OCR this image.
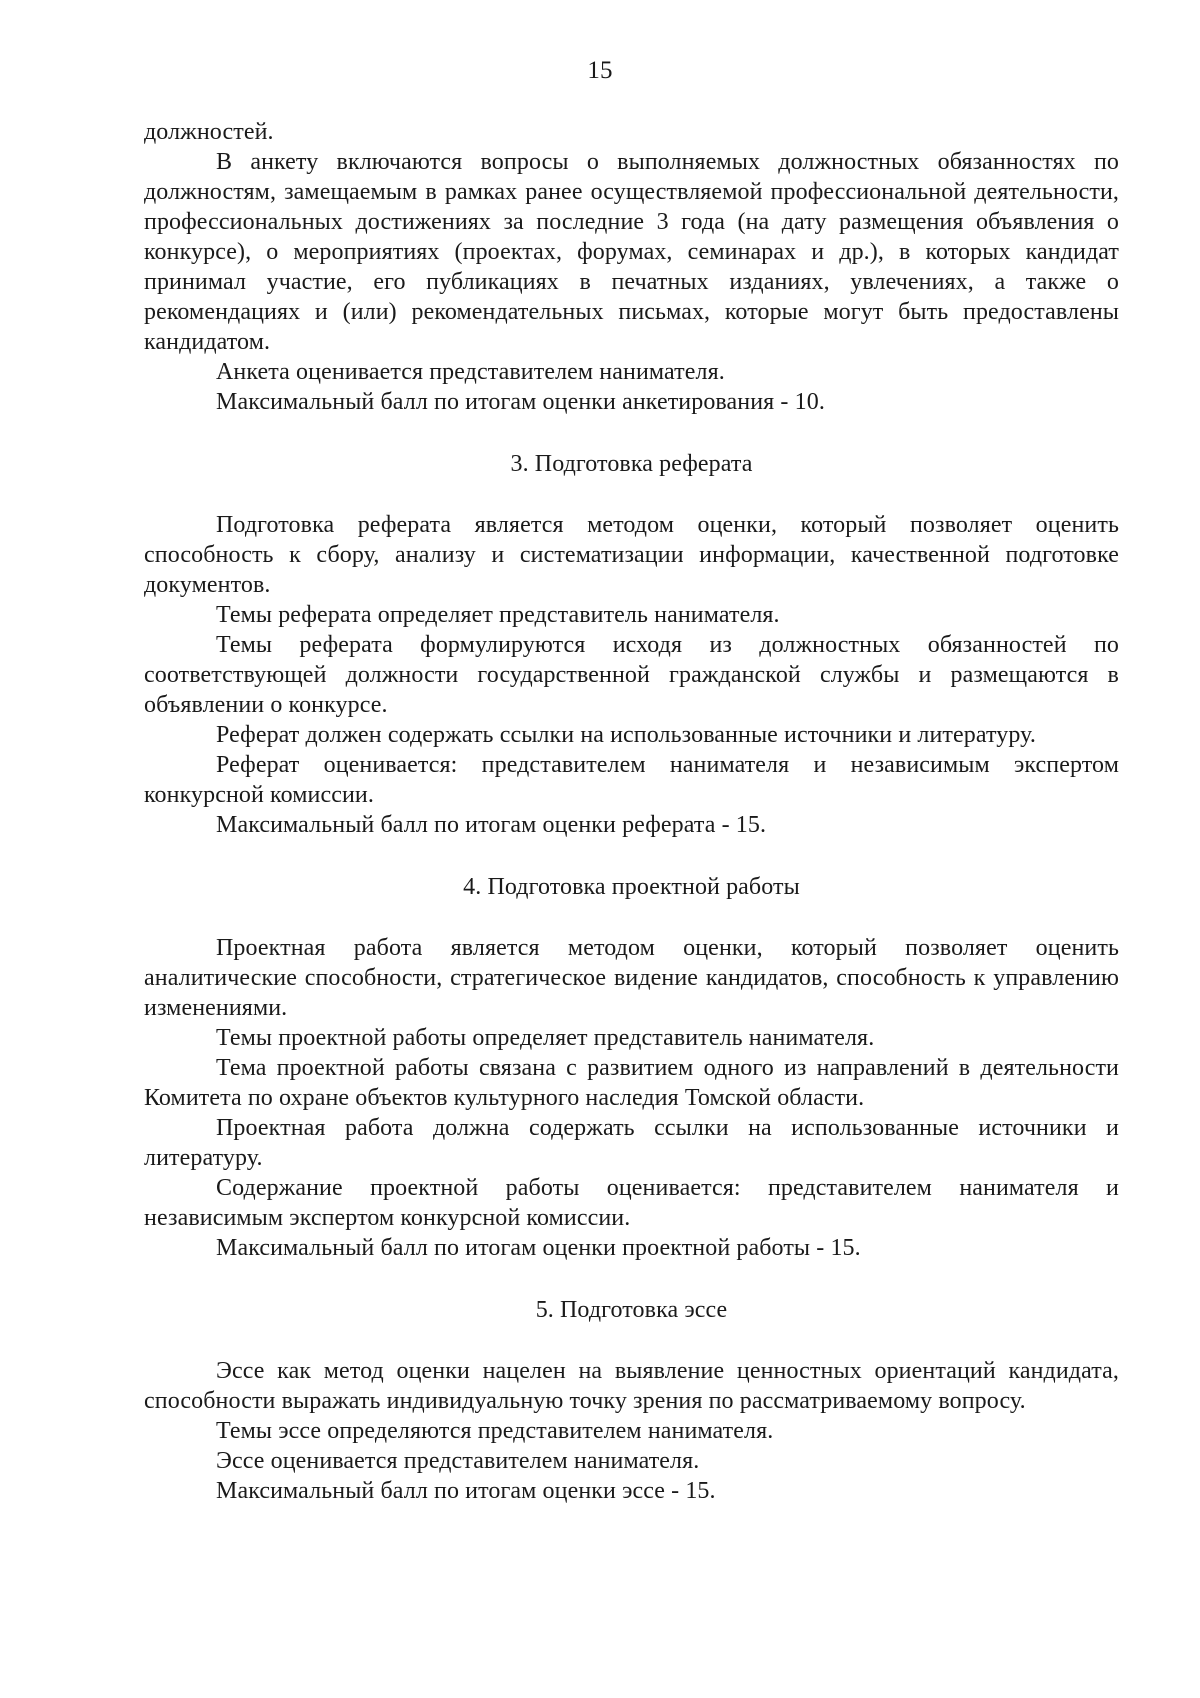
15

должностей.

В анкету включаются вопросы о выполняемых должностных обязанностях по должностям, замещаемым в рамках ранее осуществляемой профессиональной деятельности, профессиональных достижениях за последние 3 года (на дату размещения объявления о конкурсе), о мероприятиях (проектах, форумах, семинарах и др.), в которых кандидат принимал участие, его публикациях в печатных изданиях, увлечениях, а также о рекомендациях и (или) рекомендательных письмах, которые могут быть предоставлены кандидатом.

Анкета оценивается представителем нанимателя.

Максимальный балл по итогам оценки анкетирования - 10.

3. Подготовка реферата

Подготовка реферата является методом оценки, который позволяет оценить способность к сбору, анализу и систематизации информации, качественной подготовке документов.

Темы реферата определяет представитель нанимателя.

Темы реферата формулируются исходя из должностных обязанностей по соответствующей должности государственной гражданской службы и размещаются в объявлении о конкурсе.

Реферат должен содержать ссылки на использованные источники и литературу.

Реферат оценивается: представителем нанимателя и независимым экспертом конкурсной комиссии.

Максимальный балл по итогам оценки реферата - 15.

4. Подготовка проектной работы

Проектная работа является методом оценки, который позволяет оценить аналитические способности, стратегическое видение кандидатов, способность к управлению изменениями.

Темы проектной работы определяет представитель нанимателя.

Тема проектной работы связана с развитием одного из направлений в деятельности Комитета по охране объектов культурного наследия Томской области.

Проектная работа должна содержать ссылки на использованные источники и литературу.

Содержание проектной работы оценивается: представителем нанимателя и независимым экспертом конкурсной комиссии.

Максимальный балл по итогам оценки проектной работы - 15.

5. Подготовка эссе

Эссе как метод оценки нацелен на выявление ценностных ориентаций кандидата, способности выражать индивидуальную точку зрения по рассматриваемому вопросу.

Темы эссе определяются представителем нанимателя.

Эссе оценивается представителем нанимателя.

Максимальный балл по итогам оценки эссе - 15.
